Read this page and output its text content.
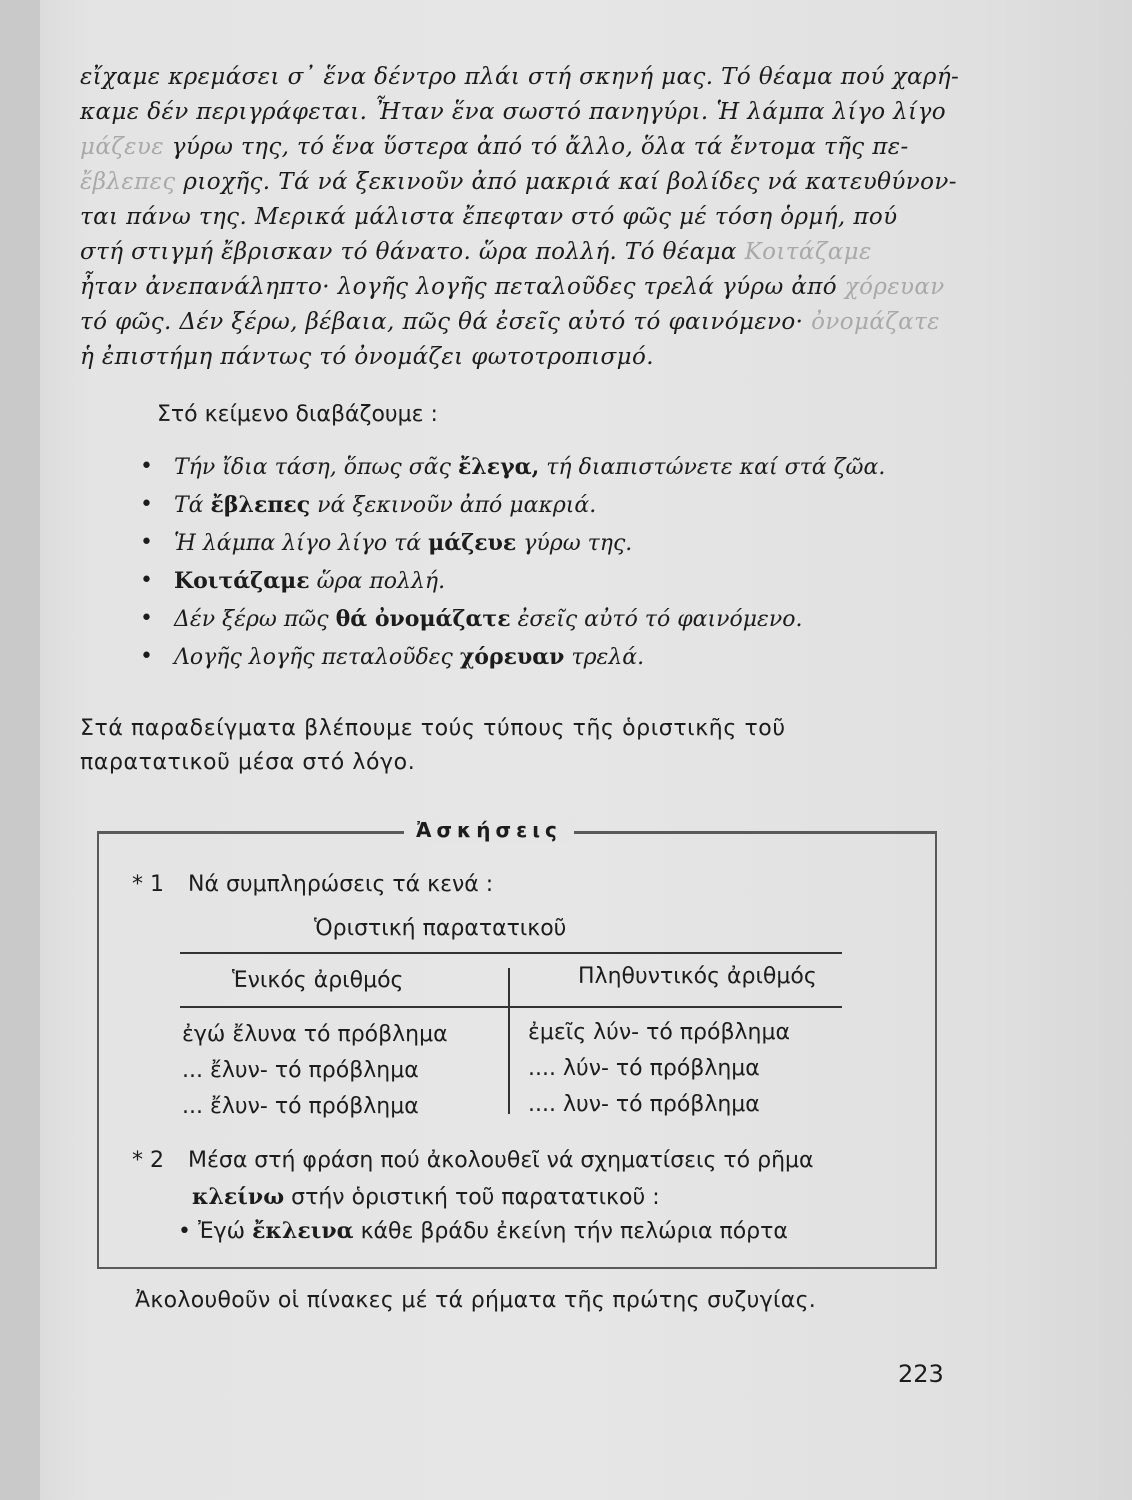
εἴχαμε κρεμάσει σ᾿ ἕνα δέντρο πλάι στή σκηνή μας. Τό θέαμα πού χαρή-
καμε δέν περιγράφεται. Ἦταν ἕνα σωστό πανηγύρι. Ἡ λάμπα λίγο λίγο
μάζευε γύρω της, τό ἕνα ὕστερα ἀπό τό ἄλλο, ὅλα τά ἔντομα τῆς πε-
ἔβλεπες ριοχῆς. Τά νά ξεκινοῦν ἀπό μακριά καί βολίδες νά κατευθύνον-
ται πάνω της. Μερικά μάλιστα ἔπεφταν στό φῶς μέ τόση ὁρμή, πού
στή στιγμή ἔβρισκαν τό θάνατο. ὥρα πολλή. Τό θέαμα Κοιτάζαμε
ἦταν ἀνεπανάληπτο· λογῆς λογῆς πεταλοῦδες τρελά γύρω ἀπό χόρευαν
τό φῶς. Δέν ξέρω, βέβαια, πῶς θά ἐσεῖς αὐτό τό φαινόμενο· ὀνομάζατε
ἡ ἐπιστήμη πάντως τό ὀνομάζει φωτοτροπισμό.
Στό κείμενο διαβάζουμε :
• Τήν ἴδια τάση, ὅπως σᾶς ἔλεγα, τή διαπιστώνετε καί στά ζῶα.
• Τά ἔβλεπες νά ξεκινοῦν ἀπό μακριά.
• Ἡ λάμπα λίγο λίγο τά μάζευε γύρω της.
• Κοιτάζαμε ὥρα πολλή.
• Δέν ξέρω πῶς θά ὀνομάζατε ἐσεῖς αὐτό τό φαινόμενο.
• Λογῆς λογῆς πεταλοῦδες χόρευαν τρελά.
Στά παραδείγματα βλέπουμε τούς τύπους τῆς ὁριστικῆς τοῦ
παρατατικοῦ μέσα στό λόγο.
Ἀσκήσεις
* 1 Νά συμπληρώσεις τά κενά :
Ὁριστική παρατατικοῦ
Ἑνικός ἀριθμός	Πληθυντικός ἀριθμός
ἐγώ ἔλυνα τό πρόβλημα	ἐμεῖς λύν- τό πρόβλημα
... ἔλυν- τό πρόβλημα	.... λύν- τό πρόβλημα
... ἔλυν- τό πρόβλημα	.... λυν- τό πρόβλημα
* 2 Μέσα στή φράση πού ἀκολουθεῖ νά σχηματίσεις τό ρῆμα
κλείνω στήν ὁριστική τοῦ παρατατικοῦ :
• Ἐγώ ἔκλεινα κάθε βράδυ ἐκείνη τήν πελώρια πόρτα
Ἀκολουθοῦν οἱ πίνακες μέ τά ρήματα τῆς πρώτης συζυγίας.
223
